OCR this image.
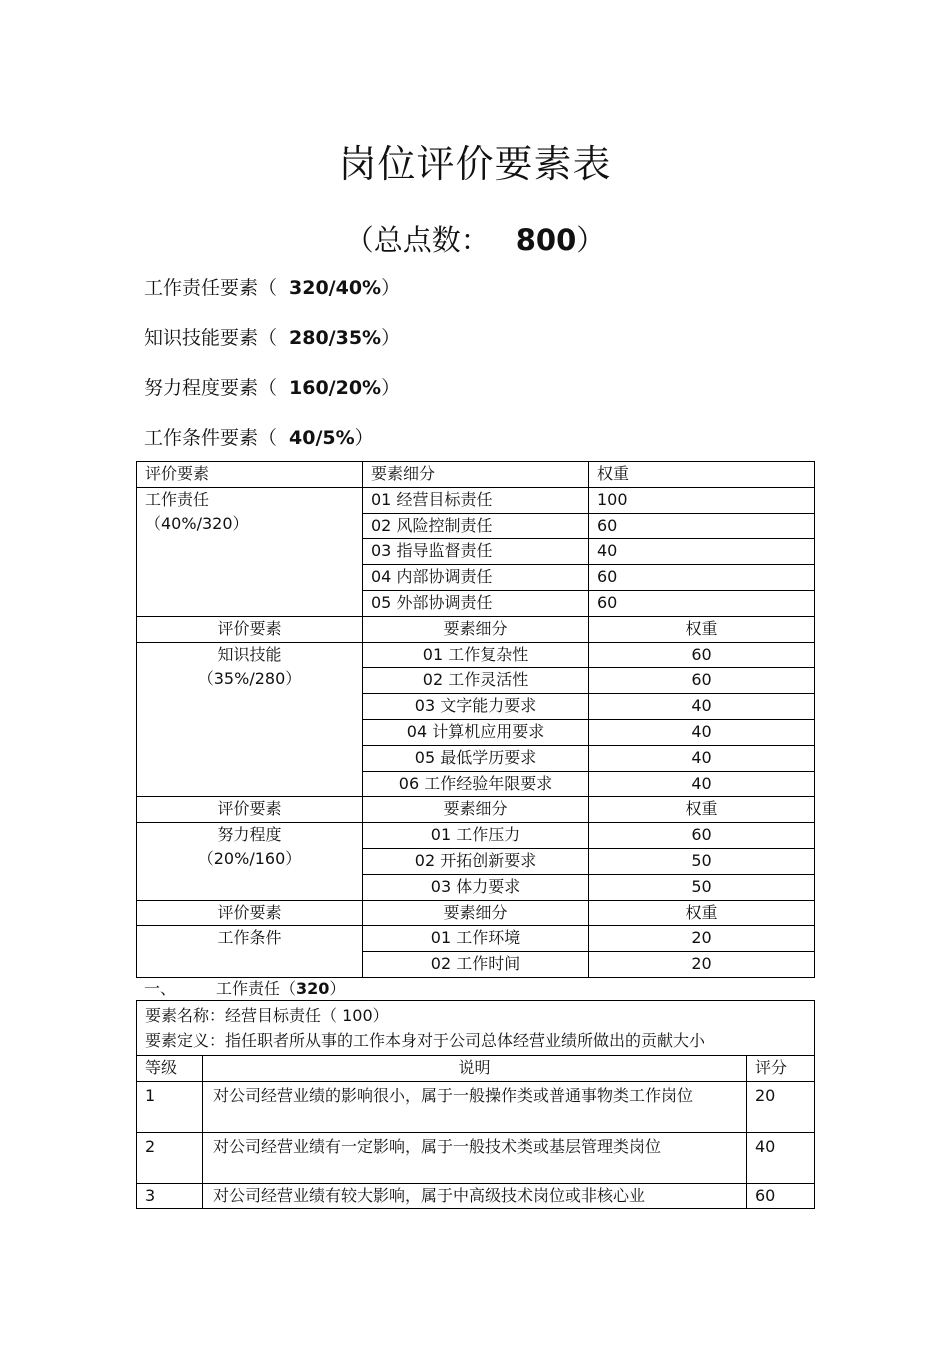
岗位评价要素表
（总点数： 800）
工作责任要素（ 320/40%）
知识技能要素（ 280/35%）
努力程度要素（ 160/20%）
工作条件要素（ 40/5%）
评价要素	要素细分	权重

工作责任
（40%/320）	01 经营目标责任	100
	02 风险控制责任	60
	03 指导监督责任	40
	04 内部协调责任	60
	05 外部协调责任	60
评价要素	要素细分	权重

知识技能
（35%/280）	01 工作复杂性	60
	02 工作灵活性	60
	03 文字能力要求	40
	04 计算机应用要求	40
	05 最低学历要求	40
	06 工作经验年限要求	40
评价要素	要素细分	权重

努力程度
（20%/160）	01 工作压力	60
	02 开拓创新要求	50
	03 体力要求	50
评价要素	要素细分	权重

工作条件	01 工作环境	20
	02 工作时间	20
一、	工作责任（320）
要素名称：经营目标责任（ 100）
要素定义：指任职者所从事的工作本身对于公司总体经营业绩所做出的贡献大小		

等级	说明	评分
1	对公司经营业绩的影响很小，属于一般操作类或普通事物类工作岗位	20
2	对公司经营业绩有一定影响，属于一般技术类或基层管理类岗位	40
3	对公司经营业绩有较大影响，属于中高级技术岗位或非核心业	60
